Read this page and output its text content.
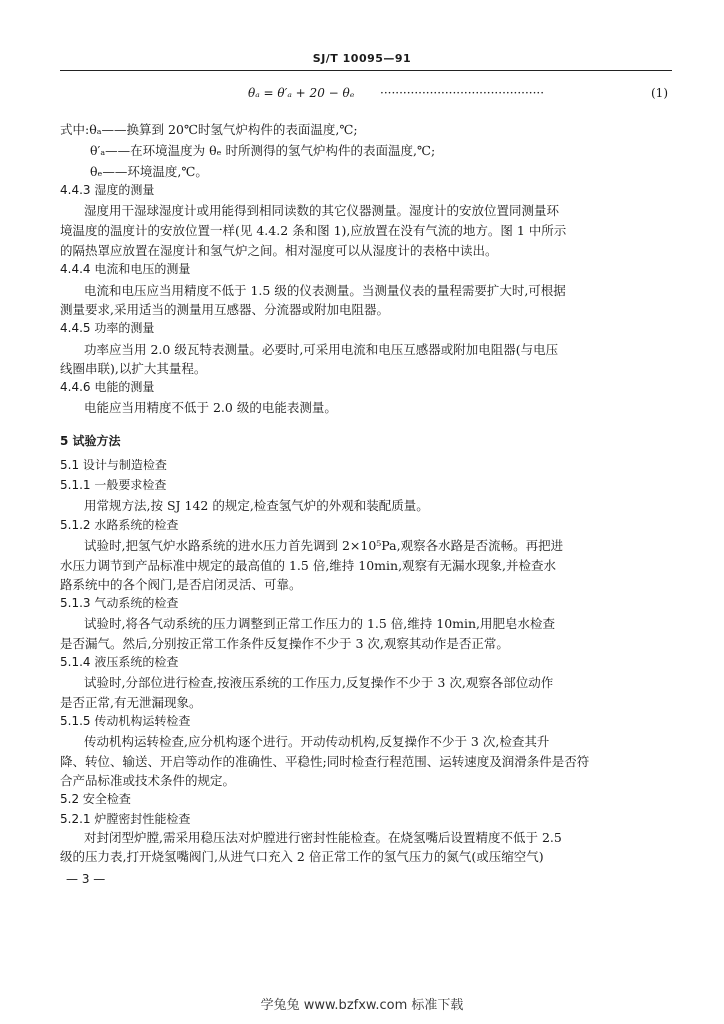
SJ/T 10095—91
θₐ = θ′ₐ + 20 − θₑ ···········································	(1)
式中:θₐ——换算到 20℃时氢气炉构件的表面温度,℃;
θ′ₐ——在环境温度为 θₑ 时所测得的氢气炉构件的表面温度,℃;
θₑ——环境温度,℃。
4.4.3 湿度的测量
湿度用干湿球湿度计或用能得到相同读数的其它仪器测量。湿度计的安放位置同测量环
境温度的温度计的安放位置一样(见 4.4.2 条和图 1),应放置在没有气流的地方。图 1 中所示
的隔热罩应放置在湿度计和氢气炉之间。相对湿度可以从湿度计的表格中读出。
4.4.4 电流和电压的测量
电流和电压应当用精度不低于 1.5 级的仪表测量。当测量仪表的量程需要扩大时,可根据
测量要求,采用适当的测量用互感器、分流器或附加电阻器。
4.4.5 功率的测量
功率应当用 2.0 级瓦特表测量。必要时,可采用电流和电压互感器或附加电阻器(与电压
线圈串联),以扩大其量程。
4.4.6 电能的测量
电能应当用精度不低于 2.0 级的电能表测量。
5 试验方法
5.1 设计与制造检查
5.1.1 一般要求检查
用常规方法,按 SJ 142 的规定,检查氢气炉的外观和装配质量。
5.1.2 水路系统的检查
试验时,把氢气炉水路系统的进水压力首先调到 2×10⁵Pa,观察各水路是否流畅。再把进
水压力调节到产品标准中规定的最高值的 1.5 倍,维持 10min,观察有无漏水现象,并检查水
路系统中的各个阀门,是否启闭灵活、可靠。
5.1.3 气动系统的检查
试验时,将各气动系统的压力调整到正常工作压力的 1.5 倍,维持 10min,用肥皂水检查
是否漏气。然后,分别按正常工作条件反复操作不少于 3 次,观察其动作是否正常。
5.1.4 液压系统的检查
试验时,分部位进行检查,按液压系统的工作压力,反复操作不少于 3 次,观察各部位动作
是否正常,有无泄漏现象。
5.1.5 传动机构运转检查
传动机构运转检查,应分机构逐个进行。开动传动机构,反复操作不少于 3 次,检查其升
降、转位、输送、开启等动作的准确性、平稳性;同时检查行程范围、运转速度及润滑条件是否符
合产品标准或技术条件的规定。
5.2 安全检查
5.2.1 炉膛密封性能检查
对封闭型炉膛,需采用稳压法对炉膛进行密封性能检查。在烧氢嘴后设置精度不低于 2.5
级的压力表,打开烧氢嘴阀门,从进气口充入 2 倍正常工作的氢气压力的氮气(或压缩空气)
— 3 —
学兔兔 www.bzfxw.com 标准下载
